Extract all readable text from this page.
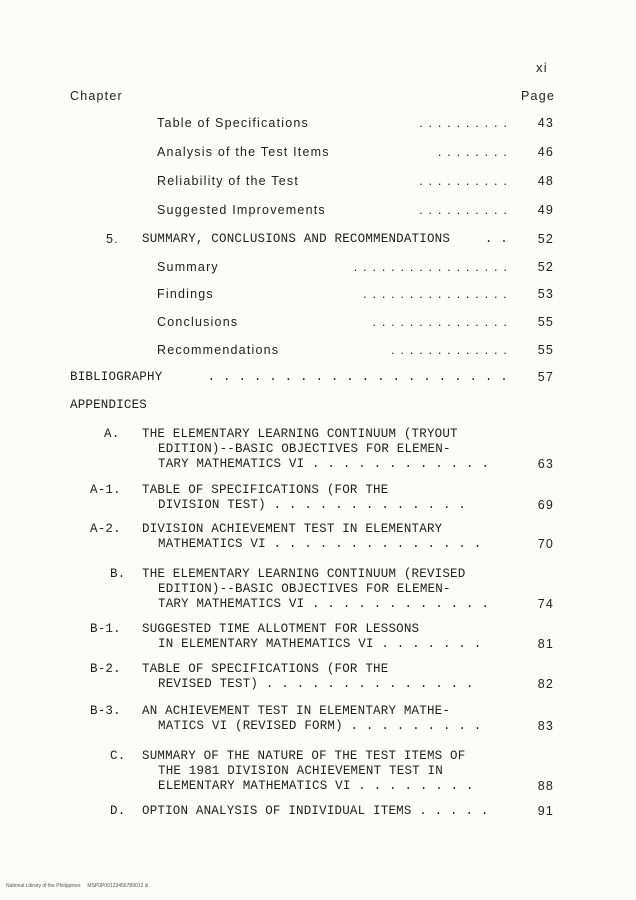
xi
Chapter	Page
Table of Specifications	. . . . . . . . . .	43
Analysis of the Test Items	. . . . . . . .	46
Reliability of the Test	. . . . . . . . . .	48
Suggested Improvements	. . . . . . . . . .	49
5. SUMMARY, CONCLUSIONS AND RECOMMENDATIONS	. .	52
Summary	. . . . . . . . . . . . . . . . .	52
Findings	. . . . . . . . . . . . . . . .	53
Conclusions	. . . . . . . . . . . . . . .	55
Recommendations	. . . . . . . . . . . . .	55
BIBLIOGRAPHY	. . . . . . . . . . . . . . . . . . . .	57
APPENDICES
A. THE ELEMENTARY LEARNING CONTINUUM (TRYOUT
EDITION)--BASIC OBJECTIVES FOR ELEMEN-
TARY MATHEMATICS VI . . . . . . . . . . . .	63
A-1. TABLE OF SPECIFICATIONS (FOR THE
DIVISION TEST) . . . . . . . . . . . . .	69
A-2. DIVISION ACHIEVEMENT TEST IN ELEMENTARY
MATHEMATICS VI . . . . . . . . . . . . . .	70
B. THE ELEMENTARY LEARNING CONTINUUM (REVISED
EDITION)--BASIC OBJECTIVES FOR ELEMEN-
TARY MATHEMATICS VI . . . . . . . . . . . .	74
B-1. SUGGESTED TIME ALLOTMENT FOR LESSONS
IN ELEMENTARY MATHEMATICS VI . . . . . . .	81
B-2. TABLE OF SPECIFICATIONS (FOR THE
REVISED TEST) . . . . . . . . . . . . . .	82
B-3. AN ACHIEVEMENT TEST IN ELEMENTARY MATHE-
MATICS VI (REVISED FORM) . . . . . . . . .	83
C. SUMMARY OF THE NATURE OF THE TEST ITEMS OF
THE 1981 DIVISION ACHIEVEMENT TEST IN
ELEMENTARY MATHEMATICS VI . . . . . . . .	88
D. OPTION ANALYSIS OF INDIVIDUAL ITEMS . . . . .	91
National Library of the Philippines     MSP0P00123456789012 iii
